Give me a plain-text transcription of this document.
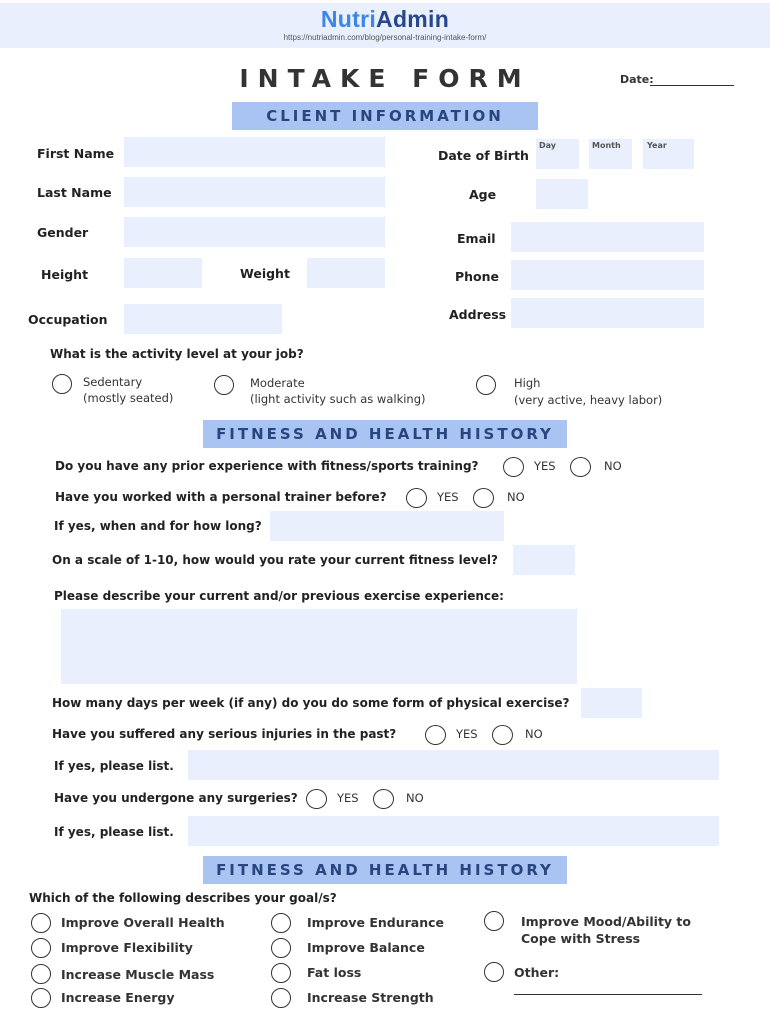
NutriAdmin
https://nutriadmin.com/blog/personal-training-intake-form/
INTAKE FORM	Date:
CLIENT INFORMATION
First Name
Last Name
Gender
Height	Weight
Occupation
Date of Birth
Day	Month	Year
Age
Email
Phone
Address
What is the activity level at your job?
Sedentary
(mostly seated)
Moderate
(light activity such as walking)
High
(very active, heavy labor)
FITNESS AND HEALTH HISTORY
Do you have any prior experience with fitness/sports training?	YES	NO
Have you worked with a personal trainer before?	YES	NO
If yes, when and for how long?
On a scale of 1-10, how would you rate your current fitness level?
Please describe your current and/or previous exercise experience:
How many days per week (if any) do you do some form of physical exercise?
Have you suffered any serious injuries in the past?	YES	NO
If yes, please list.
Have you undergone any surgeries?	YES	NO
If yes, please list.
FITNESS AND HEALTH HISTORY
Which of the following describes your goal/s?
Improve Overall Health
Improve Flexibility
Increase Muscle Mass
Increase Energy
Improve Endurance
Improve Balance
Fat loss
Increase Strength
Improve Mood/Ability to
Cope with Stress
Other:
